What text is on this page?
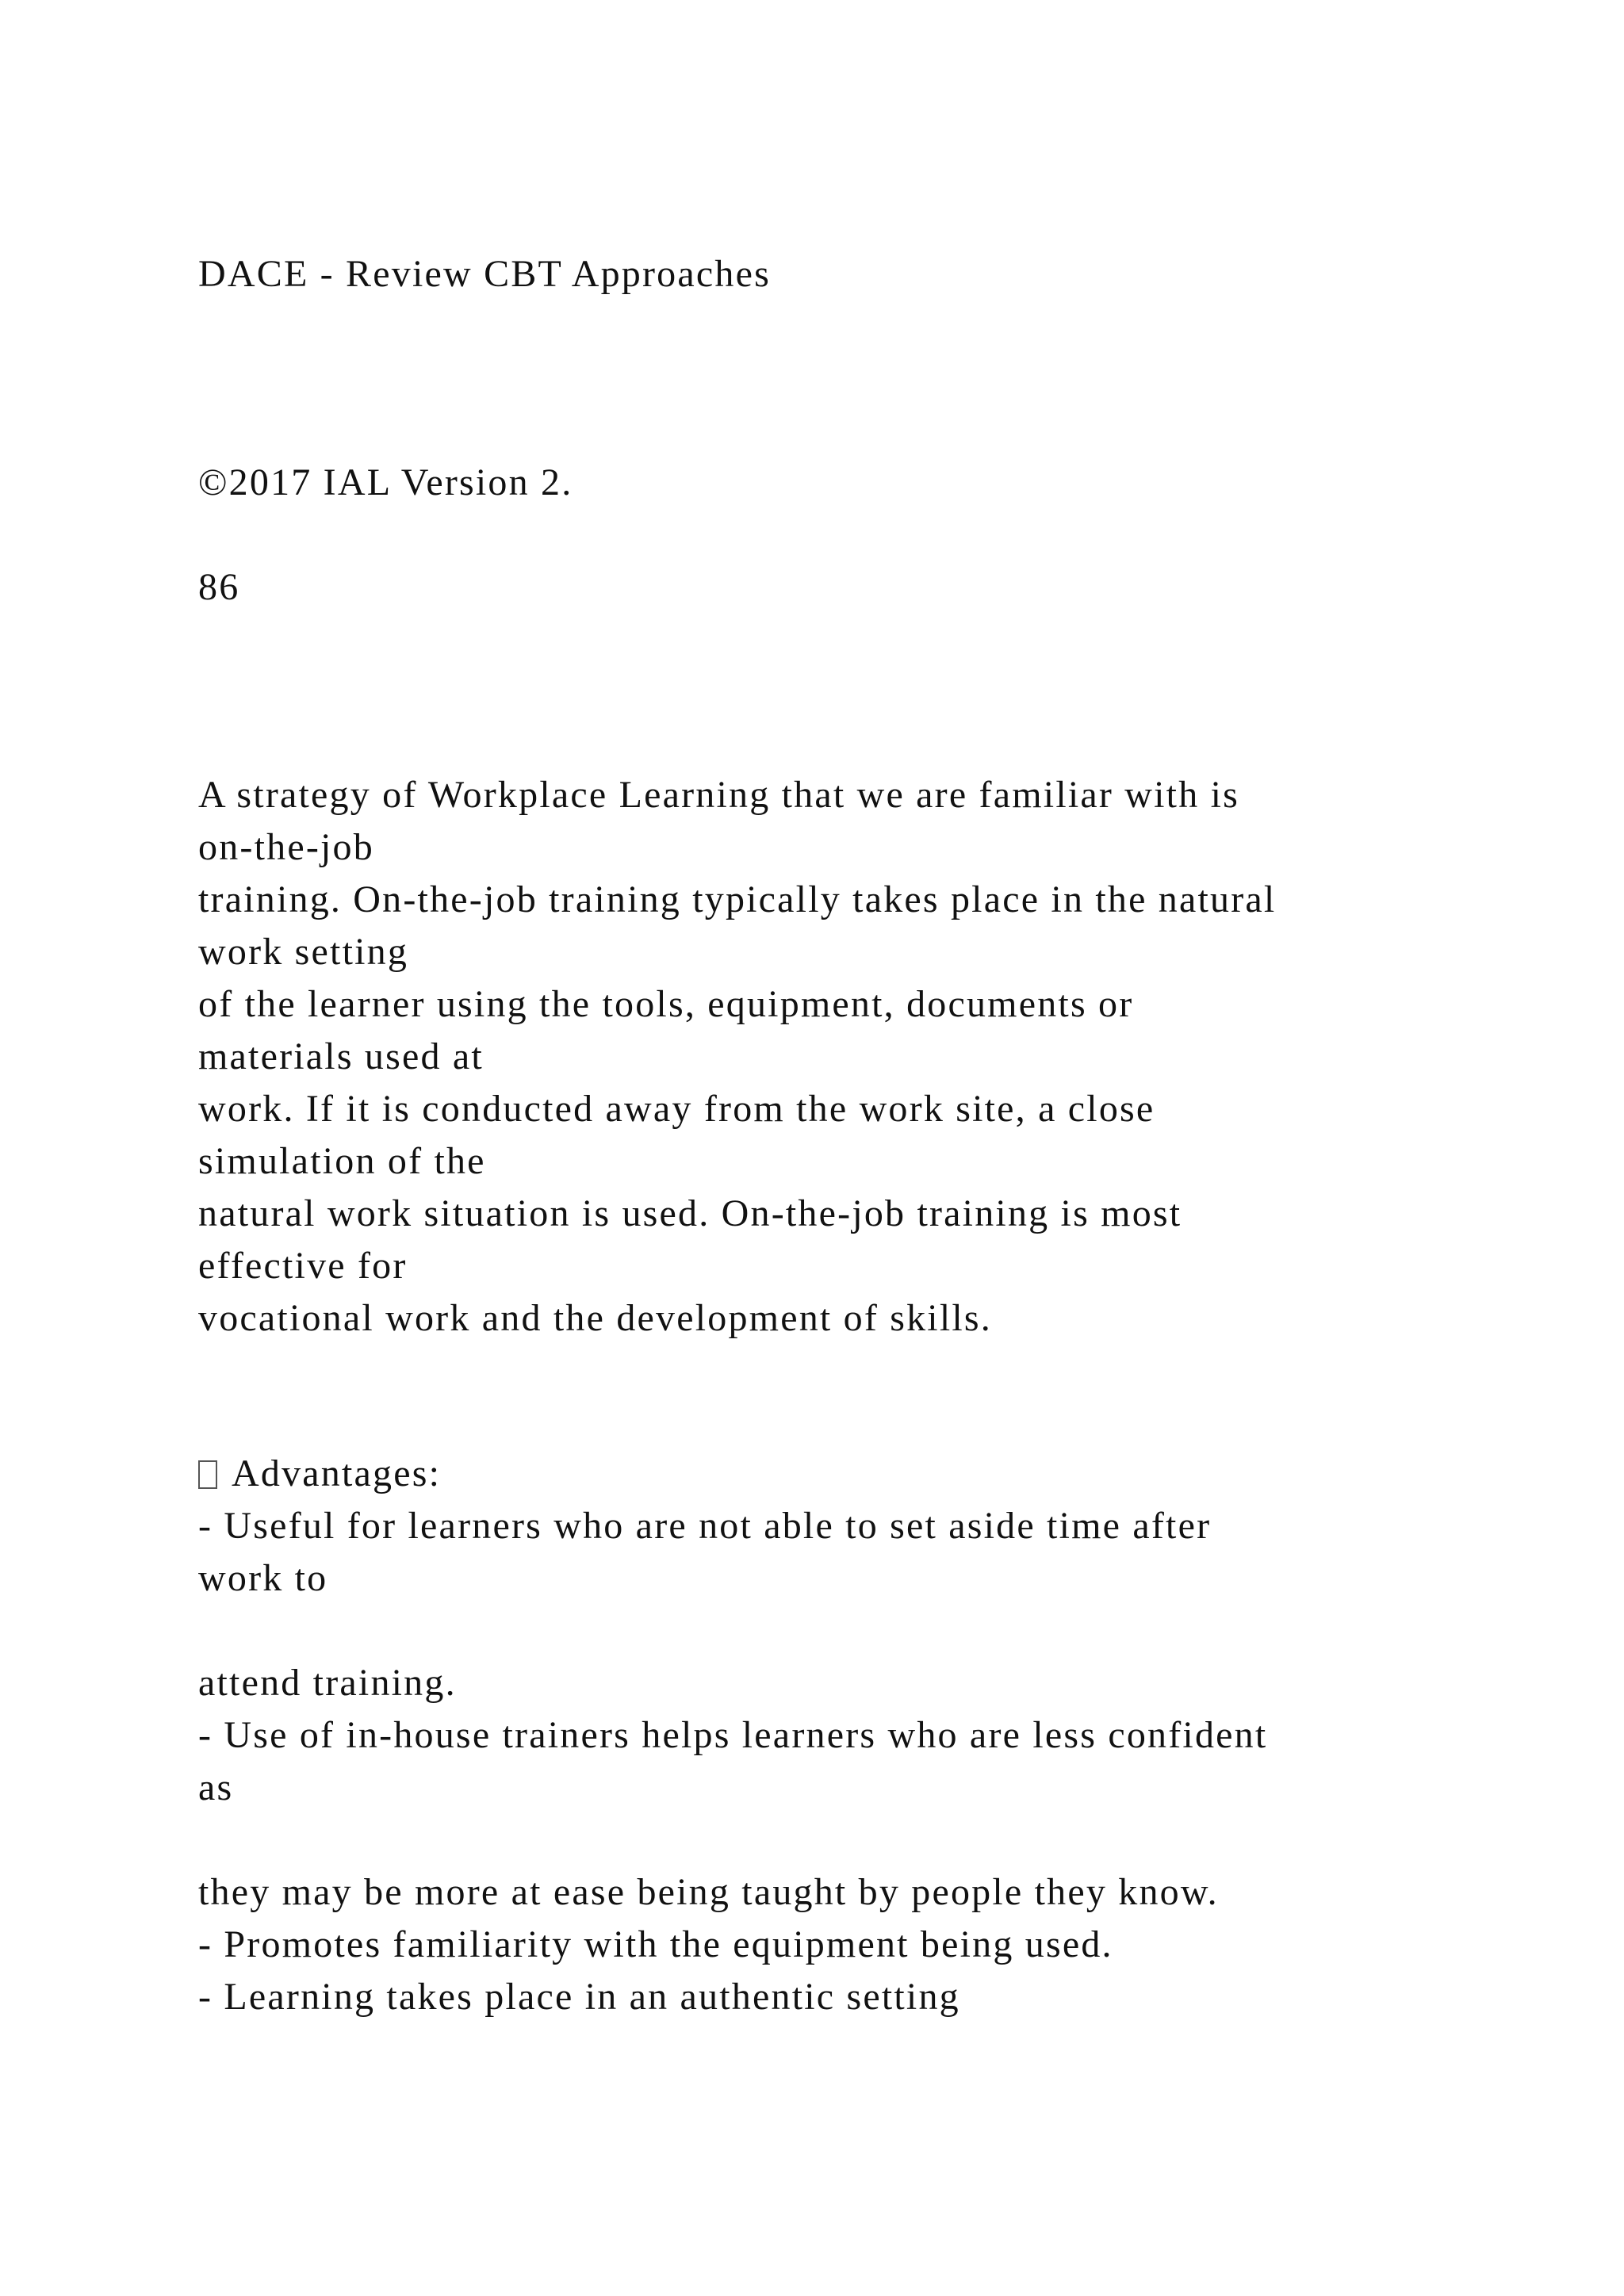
DACE - Review CBT Approaches
©2017 IAL Version 2.
86
A strategy of Workplace Learning that we are familiar with is
on-the-job
training. On-the-job training typically takes place in the natural
work setting
of the learner using the tools, equipment, documents or
materials used at
work. If it is conducted away from the work site, a close
simulation of the
natural work situation is used. On-the-job training is most
effective for
vocational work and the development of skills.
Advantages:
- Useful for learners who are not able to set aside time after
work to
attend training.
- Use of in-house trainers helps learners who are less confident
as
they may be more at ease being taught by people they know.
- Promotes familiarity with the equipment being used.
- Learning takes place in an authentic setting
